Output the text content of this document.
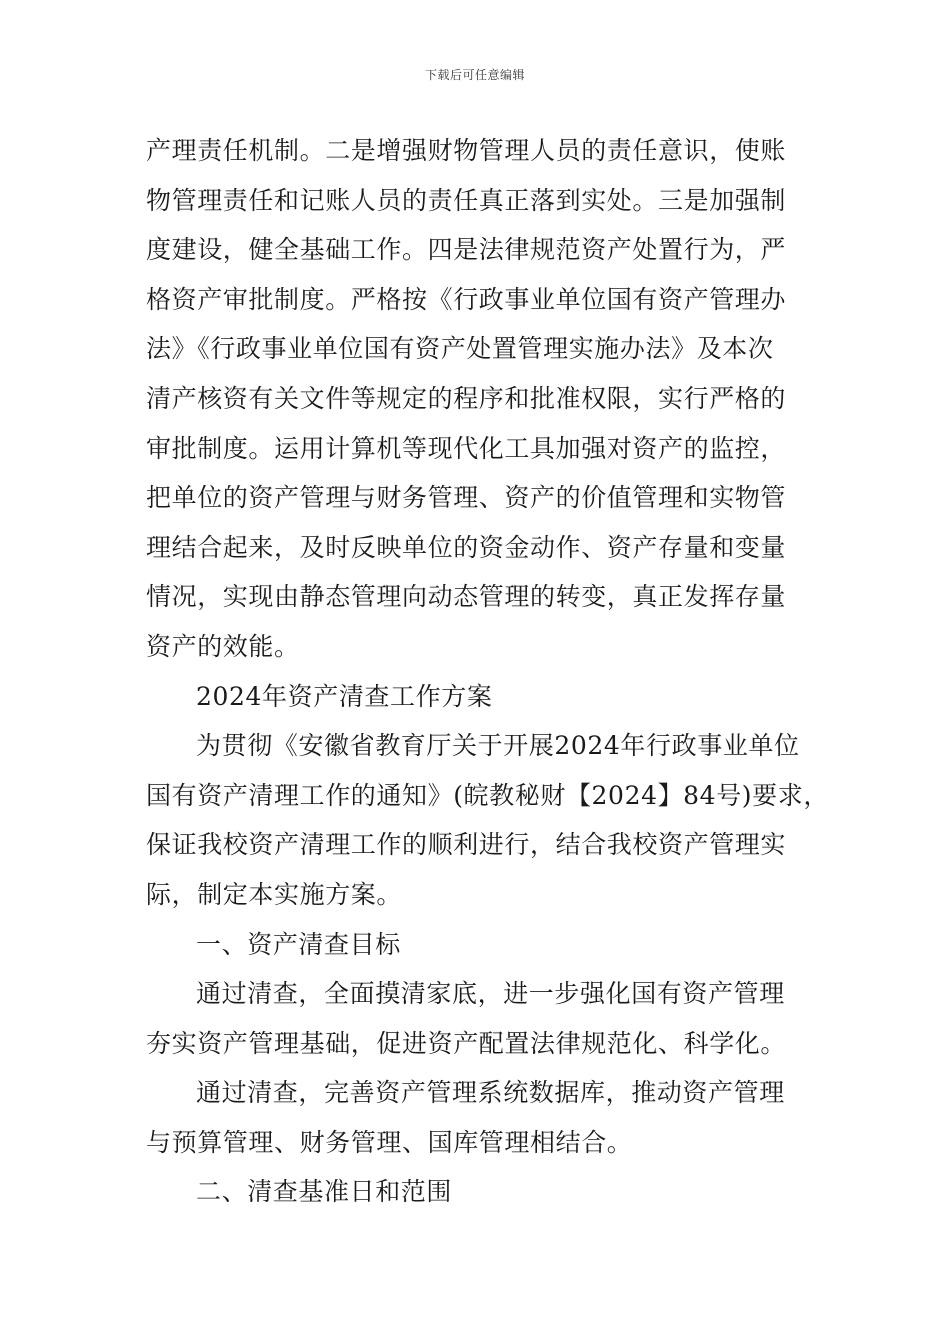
下载后可任意编辑
产理责任机制。二是增强财物管理人员的责任意识，使账
物管理责任和记账人员的责任真正落到实处。三是加强制
度建设，健全基础工作。四是法律规范资产处置行为，严
格资产审批制度。严格按《行政事业单位国有资产管理办
法》《行政事业单位国有资产处置管理实施办法》及本次
清产核资有关文件等规定的程序和批准权限，实行严格的
审批制度。运用计算机等现代化工具加强对资产的监控，
把单位的资产管理与财务管理、资产的价值管理和实物管
理结合起来，及时反映单位的资金动作、资产存量和变量
情况，实现由静态管理向动态管理的转变，真正发挥存量
资产的效能。
2024年资产清查工作方案
为贯彻《安徽省教育厅关于开展2024年行政事业单位
国有资产清理工作的通知》(皖教秘财【2024】84号)要求，
保证我校资产清理工作的顺利进行，结合我校资产管理实
际，制定本实施方案。
一、资产清查目标
通过清查，全面摸清家底，进一步强化国有资产管理
夯实资产管理基础，促进资产配置法律规范化、科学化。
通过清查，完善资产管理系统数据库，推动资产管理
与预算管理、财务管理、国库管理相结合。
二、清查基准日和范围
